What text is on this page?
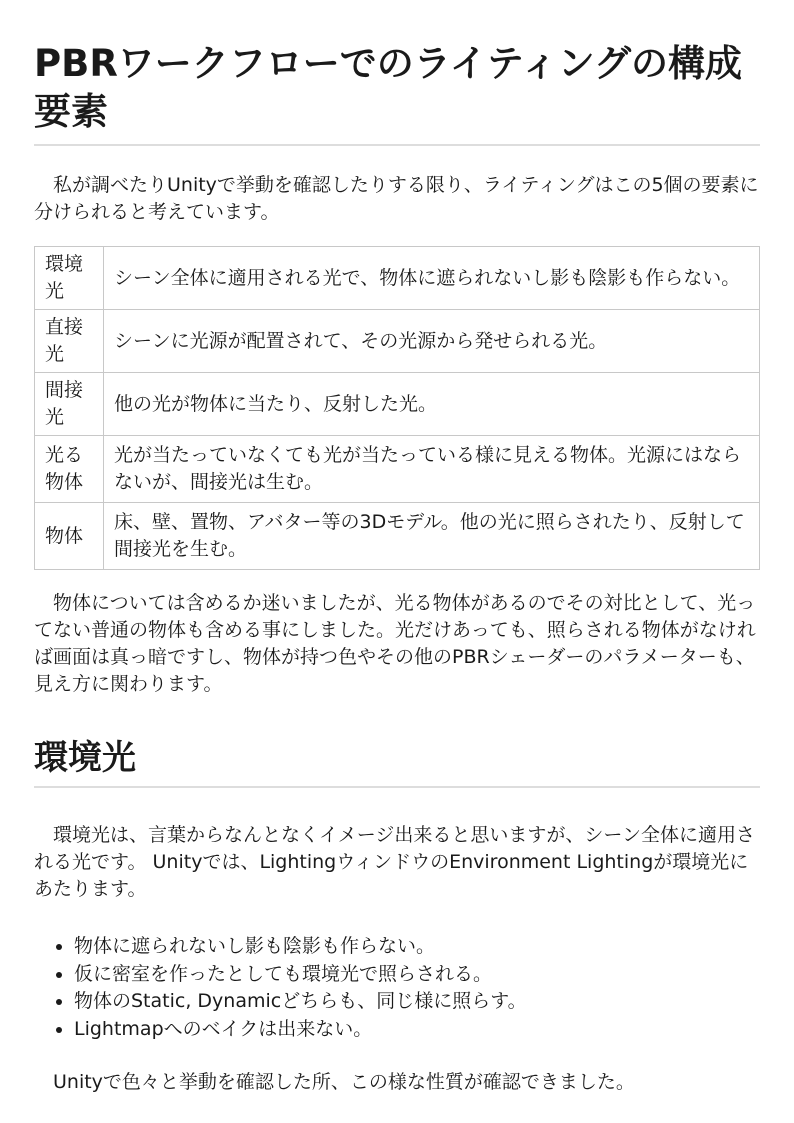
PBRワークフローでのライティングの構成要素

私が調べたりUnityで挙動を確認したりする限り、ライティングはこの5個の要素に分けられると考えています。

環境光	シーン全体に適用される光で、物体に遮られないし影も陰影も作らない。
直接光	シーンに光源が配置されて、その光源から発せられる光。
間接光	他の光が物体に当たり、反射した光。
光る物体	光が当たっていなくても光が当たっている様に見える物体。光源にはならないが、間接光は生む。
物体	床、壁、置物、アバター等の3Dモデル。他の光に照らされたり、反射して間接光を生む。

物体については含めるか迷いましたが、光る物体があるのでその対比として、光ってない普通の物体も含める事にしました。光だけあっても、照らされる物体がなければ画面は真っ暗ですし、物体が持つ色やその他のPBRシェーダーのパラメーターも、見え方に関わります。

環境光

環境光は、言葉からなんとなくイメージ出来ると思いますが、シーン全体に適用される光です。 Unityでは、LightingウィンドウのEnvironment Lightingが環境光にあたります。

• 物体に遮られないし影も陰影も作らない。
• 仮に密室を作ったとしても環境光で照らされる。
• 物体のStatic, Dynamicどちらも、同じ様に照らす。
• Lightmapへのベイクは出来ない。

Unityで色々と挙動を確認した所、この様な性質が確認できました。
